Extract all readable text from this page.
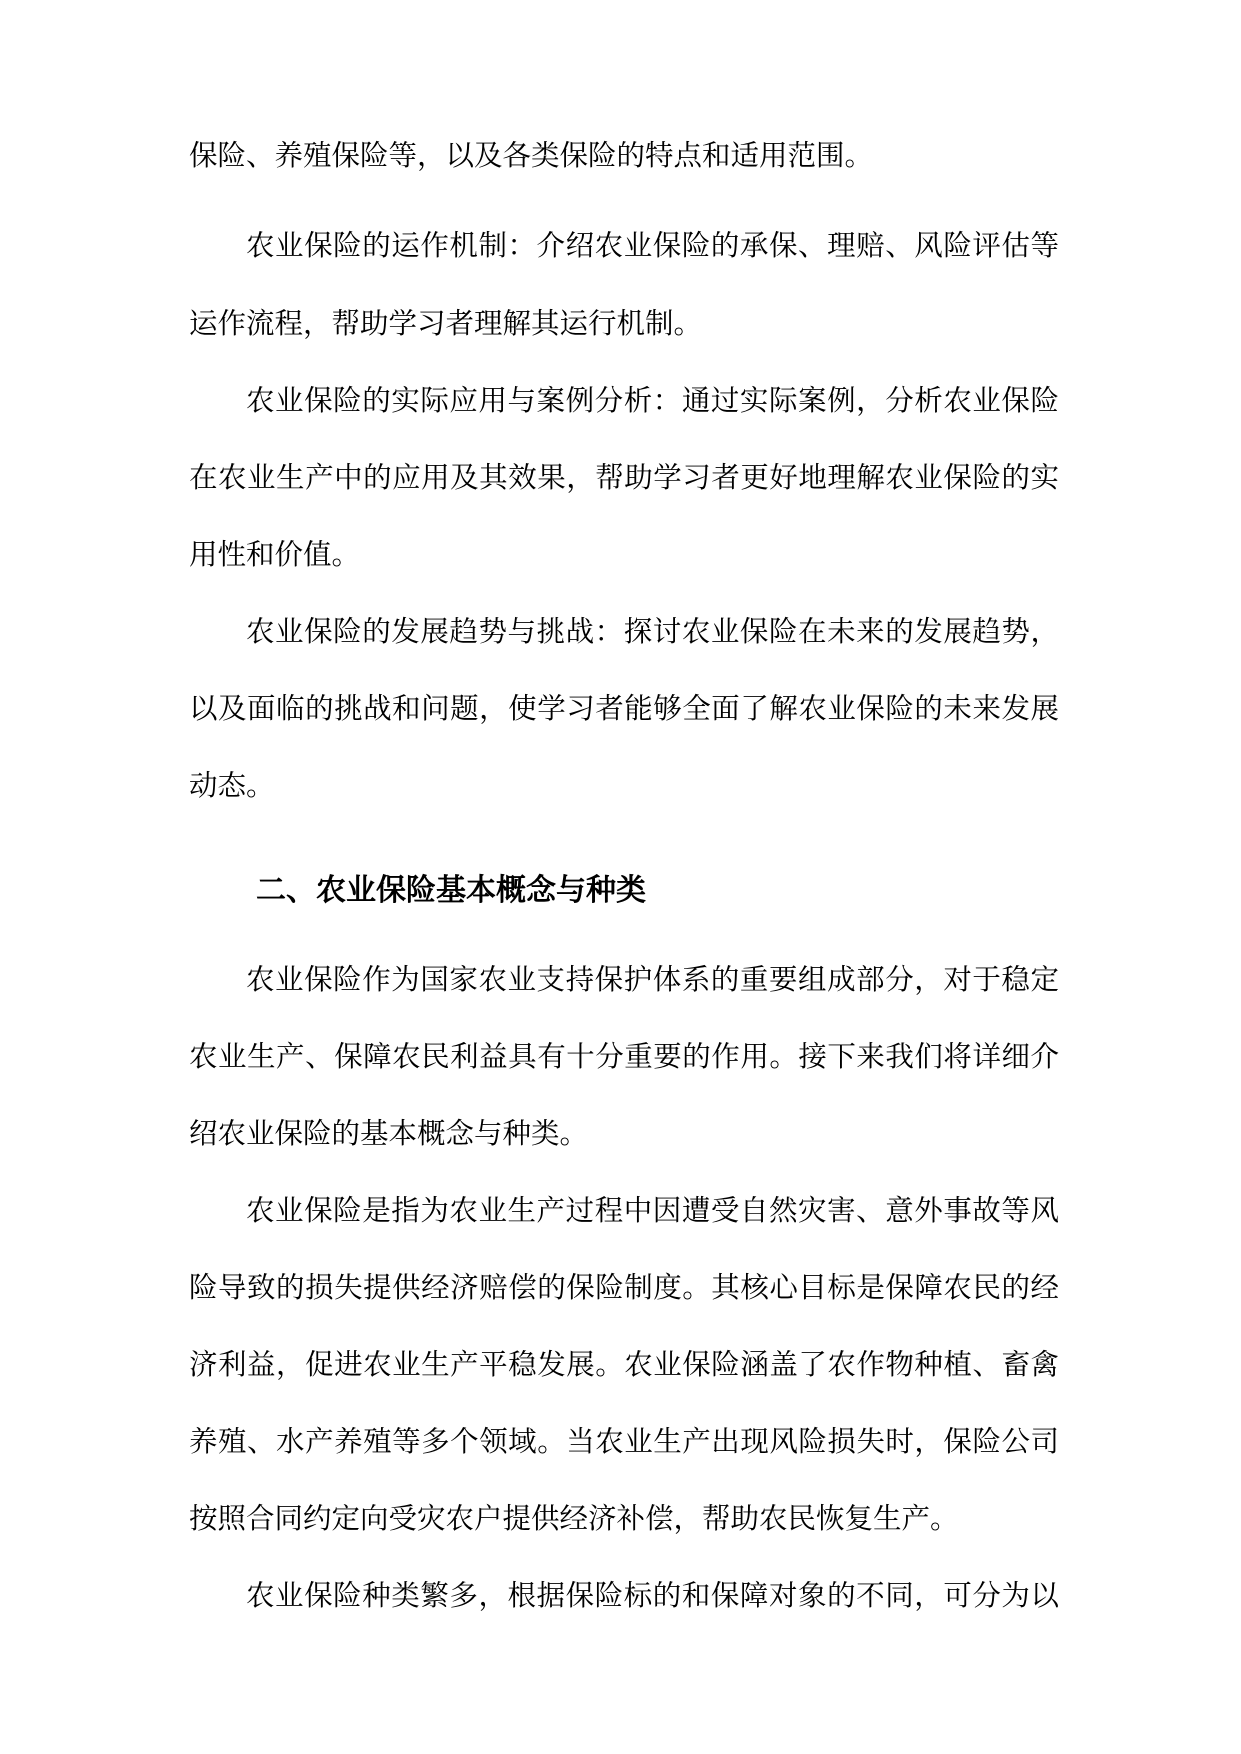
保险、养殖保险等，以及各类保险的特点和适用范围。
农业保险的运作机制：介绍农业保险的承保、理赔、风险评估等
运作流程，帮助学习者理解其运行机制。
农业保险的实际应用与案例分析：通过实际案例，分析农业保险
在农业生产中的应用及其效果，帮助学习者更好地理解农业保险的实
用性和价值。
农业保险的发展趋势与挑战：探讨农业保险在未来的发展趋势，
以及面临的挑战和问题，使学习者能够全面了解农业保险的未来发展
动态。
二、农业保险基本概念与种类
农业保险作为国家农业支持保护体系的重要组成部分，对于稳定
农业生产、保障农民利益具有十分重要的作用。接下来我们将详细介
绍农业保险的基本概念与种类。
农业保险是指为农业生产过程中因遭受自然灾害、意外事故等风
险导致的损失提供经济赔偿的保险制度。其核心目标是保障农民的经
济利益，促进农业生产平稳发展。农业保险涵盖了农作物种植、畜禽
养殖、水产养殖等多个领域。当农业生产出现风险损失时，保险公司
按照合同约定向受灾农户提供经济补偿，帮助农民恢复生产。
农业保险种类繁多，根据保险标的和保障对象的不同，可分为以
